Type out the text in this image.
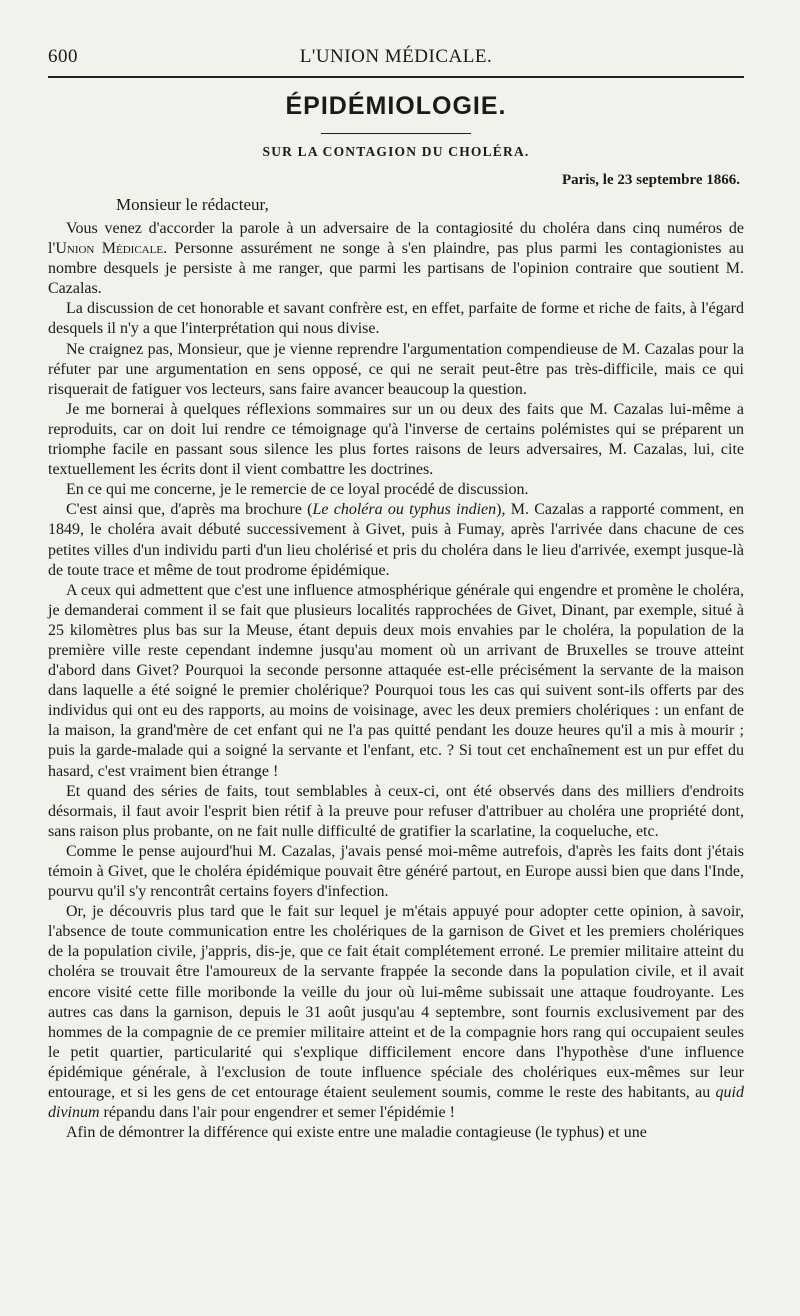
600	L'UNION MÉDICALE.
ÉPIDÉMIOLOGIE.
SUR LA CONTAGION DU CHOLÉRA.
Paris, le 23 septembre 1866.
Monsieur le rédacteur,

Vous venez d'accorder la parole à un adversaire de la contagiosité du choléra dans cinq numéros de l'Union Médicale. Personne assurément ne songe à s'en plaindre, pas plus parmi les contagionistes au nombre desquels je persiste à me ranger, que parmi les partisans de l'opinion contraire que soutient M. Cazalas.

La discussion de cet honorable et savant confrère est, en effet, parfaite de forme et riche de faits, à l'égard desquels il n'y a que l'interprétation qui nous divise.

Ne craignez pas, Monsieur, que je vienne reprendre l'argumentation compendieuse de M. Cazalas pour la réfuter par une argumentation en sens opposé, ce qui ne serait peut-être pas très-difficile, mais ce qui risquerait de fatiguer vos lecteurs, sans faire avancer beaucoup la question.

Je me bornerai à quelques réflexions sommaires sur un ou deux des faits que M. Cazalas lui-même a reproduits, car on doit lui rendre ce témoignage qu'à l'inverse de certains polémistes qui se préparent un triomphe facile en passant sous silence les plus fortes raisons de leurs adversaires, M. Cazalas, lui, cite textuellement les écrits dont il vient combattre les doctrines.

En ce qui me concerne, je le remercie de ce loyal procédé de discussion.

C'est ainsi que, d'après ma brochure (Le choléra ou typhus indien), M. Cazalas a rapporté comment, en 1849, le choléra avait débuté successivement à Givet, puis à Fumay, après l'arrivée dans chacune de ces petites villes d'un individu parti d'un lieu cholérisé et pris du choléra dans le lieu d'arrivée, exempt jusque-là de toute trace et même de tout prodrome épidémique.

A ceux qui admettent que c'est une influence atmosphérique générale qui engendre et promène le choléra, je demanderai comment il se fait que plusieurs localités rapprochées de Givet, Dinant, par exemple, situé à 25 kilomètres plus bas sur la Meuse, étant depuis deux mois envahies par le choléra, la population de la première ville reste cependant indemne jusqu'au moment où un arrivant de Bruxelles se trouve atteint d'abord dans Givet? Pourquoi la seconde personne attaquée est-elle précisément la servante de la maison dans laquelle a été soigné le premier cholérique? Pourquoi tous les cas qui suivent sont-ils offerts par des individus qui ont eu des rapports, au moins de voisinage, avec les deux premiers cholériques : un enfant de la maison, la grand'mère de cet enfant qui ne l'a pas quitté pendant les douze heures qu'il a mis à mourir ; puis la garde-malade qui a soigné la servante et l'enfant, etc. ? Si tout cet enchaînement est un pur effet du hasard, c'est vraiment bien étrange !

Et quand des séries de faits, tout semblables à ceux-ci, ont été observés dans des milliers d'endroits désormais, il faut avoir l'esprit bien rétif à la preuve pour refuser d'attribuer au choléra une propriété dont, sans raison plus probante, on ne fait nulle difficulté de gratifier la scarlatine, la coqueluche, etc.

Comme le pense aujourd'hui M. Cazalas, j'avais pensé moi-même autrefois, d'après les faits dont j'étais témoin à Givet, que le choléra épidémique pouvait être généré partout, en Europe aussi bien que dans l'Inde, pourvu qu'il s'y rencontrât certains foyers d'infection.

Or, je découvris plus tard que le fait sur lequel je m'étais appuyé pour adopter cette opinion, à savoir, l'absence de toute communication entre les cholériques de la garnison de Givet et les premiers cholériques de la population civile, j'appris, dis-je, que ce fait était complétement erroné. Le premier militaire atteint du choléra se trouvait être l'amoureux de la servante frappée la seconde dans la population civile, et il avait encore visité cette fille moribonde la veille du jour où lui-même subissait une attaque foudroyante. Les autres cas dans la garnison, depuis le 31 août jusqu'au 4 septembre, sont fournis exclusivement par des hommes de la compagnie de ce premier militaire atteint et de la compagnie hors rang qui occupaient seules le petit quartier, particularité qui s'explique difficilement encore dans l'hypothèse d'une influence épidémique générale, à l'exclusion de toute influence spéciale des cholériques eux-mêmes sur leur entourage, et si les gens de cet entourage étaient seulement soumis, comme le reste des habitants, au quid divinum répandu dans l'air pour engendrer et semer l'épidémie !

Afin de démontrer la différence qui existe entre une maladie contagieuse (le typhus) et une
